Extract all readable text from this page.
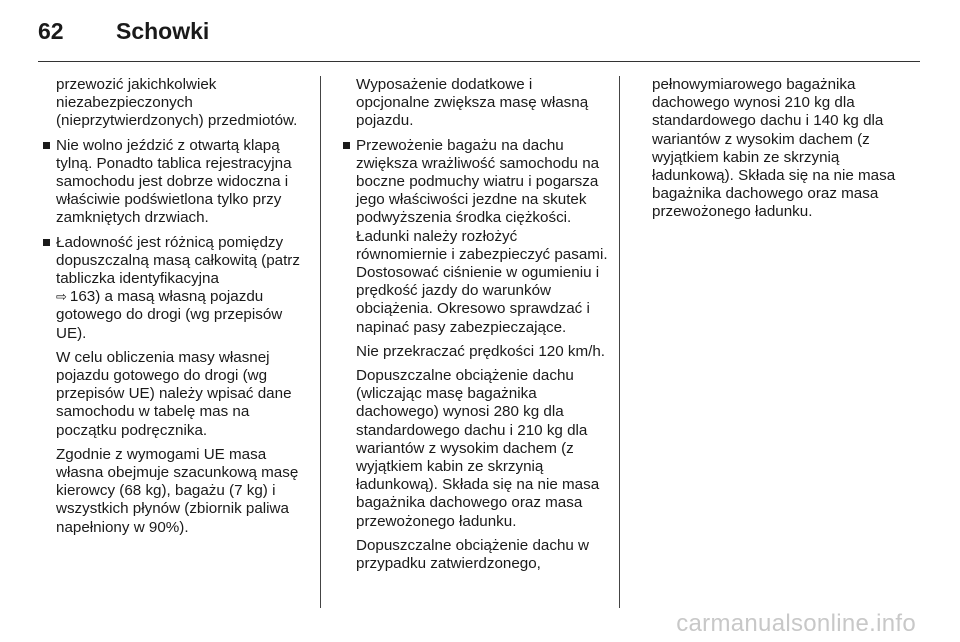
62	Schowki

przewozić jakichkolwiek niezabezpieczonych (nieprzytwierdzonych) przedmiotów.

Nie wolno jeździć z otwartą klapą tylną. Ponadto tablica rejestracyjna samochodu jest dobrze widoczna i właściwie podświetlona tylko przy zamkniętych drzwiach.

Ładowność jest różnicą pomiędzy dopuszczalną masą całkowitą (patrz tabliczka identyfikacyjna
⇨ 163) a masą własną pojazdu gotowego do drogi (wg przepisów UE).

W celu obliczenia masy własnej pojazdu gotowego do drogi (wg przepisów UE) należy wpisać dane samochodu w tabelę mas na początku podręcznika.

Zgodnie z wymogami UE masa własna obejmuje szacunkową masę kierowcy (68 kg), bagażu (7 kg) i wszystkich płynów (zbiornik paliwa napełniony w 90%).

Wyposażenie dodatkowe i opcjonalne zwiększa masę własną pojazdu.

Przewożenie bagażu na dachu zwiększa wrażliwość samochodu na boczne podmuchy wiatru i pogarsza jego właściwości jezdne na skutek podwyższenia środka ciężkości. Ładunki należy rozłożyć równomiernie i zabezpieczyć pasami. Dostosować ciśnienie w ogumieniu i prędkość jazdy do warunków obciążenia. Okresowo sprawdzać i napinać pasy zabezpieczające.

Nie przekraczać prędkości 120 km/h.

Dopuszczalne obciążenie dachu (wliczając masę bagażnika dachowego) wynosi 280 kg dla standardowego dachu i 210 kg dla wariantów z wysokim dachem (z wyjątkiem kabin ze skrzynią ładunkową). Składa się na nie masa bagażnika dachowego oraz masa przewożonego ładunku.

Dopuszczalne obciążenie dachu w przypadku zatwierdzonego,

pełnowymiarowego bagażnika dachowego wynosi 210 kg dla standardowego dachu i 140 kg dla wariantów z wysokim dachem (z wyjątkiem kabin ze skrzynią ładunkową). Składa się na nie masa bagażnika dachowego oraz masa przewożonego ładunku.

carmanualsonline.info
